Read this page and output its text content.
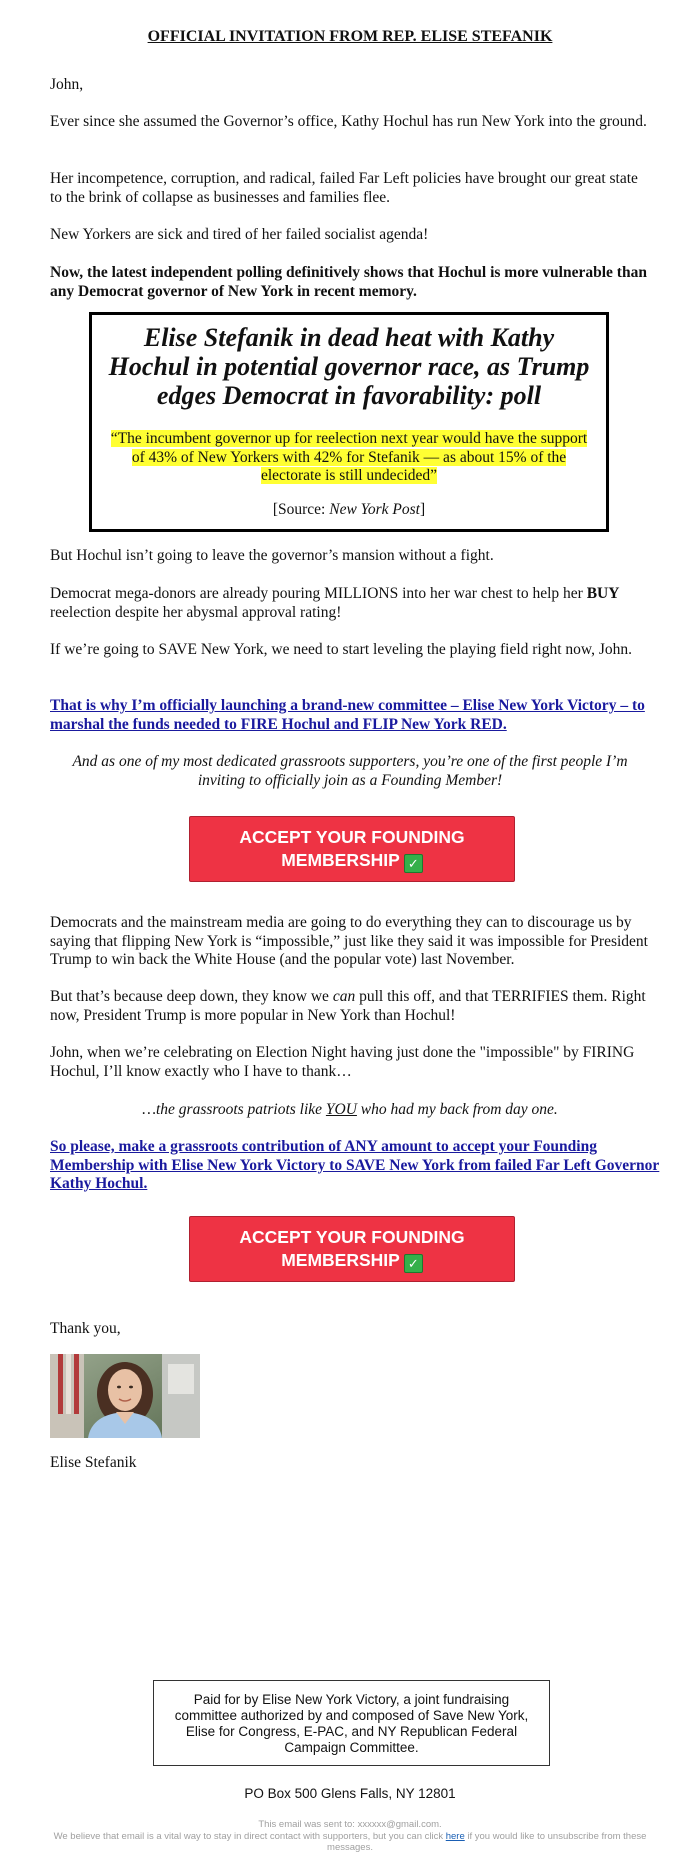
OFFICIAL INVITATION FROM REP. ELISE STEFANIK

John,

Ever since she assumed the Governor’s office, Kathy Hochul has run New York into the ground.

Her incompetence, corruption, and radical, failed Far Left policies have brought our great state to the brink of collapse as businesses and families flee.

New Yorkers are sick and tired of her failed socialist agenda!

Now, the latest independent polling definitively shows that Hochul is more vulnerable than any Democrat governor of New York in recent memory.

Elise Stefanik in dead heat with Kathy Hochul in potential governor race, as Trump edges Democrat in favorability: poll

“The incumbent governor up for reelection next year would have the support of 43% of New Yorkers with 42% for Stefanik — as about 15% of the electorate is still undecided”

[Source: New York Post]

But Hochul isn’t going to leave the governor’s mansion without a fight.

Democrat mega-donors are already pouring MILLIONS into her war chest to help her BUY reelection despite her abysmal approval rating!

If we’re going to SAVE New York, we need to start leveling the playing field right now, John.

That is why I’m officially launching a brand-new committee – Elise New York Victory – to marshal the funds needed to FIRE Hochul and FLIP New York RED.

And as one of my most dedicated grassroots supporters, you’re one of the first people I’m inviting to officially join as a Founding Member!

ACCEPT YOUR FOUNDING
MEMBERSHIP ✓

Democrats and the mainstream media are going to do everything they can to discourage us by saying that flipping New York is “impossible,” just like they said it was impossible for President Trump to win back the White House (and the popular vote) last November.

But that’s because deep down, they know we can pull this off, and that TERRIFIES them. Right now, President Trump is more popular in New York than Hochul!

John, when we’re celebrating on Election Night having just done the "impossible" by FIRING Hochul, I’ll know exactly who I have to thank…

…the grassroots patriots like YOU who had my back from day one.

So please, make a grassroots contribution of ANY amount to accept your Founding Membership with Elise New York Victory to SAVE New York from failed Far Left Governor Kathy Hochul.
ACCEPT YOUR FOUNDING
MEMBERSHIP ✓

Thank you,

Elise Stefanik

Paid for by Elise New York Victory, a joint fundraising committee authorized by and composed of Save New York, Elise for Congress, E-PAC, and NY Republican Federal Campaign Committee.
PO Box 500 Glens Falls, NY 12801
This email was sent to: xxxxxx@gmail.com.
We believe that email is a vital way to stay in direct contact with supporters, but you can click here if you would like to unsubscribe from these messages.
